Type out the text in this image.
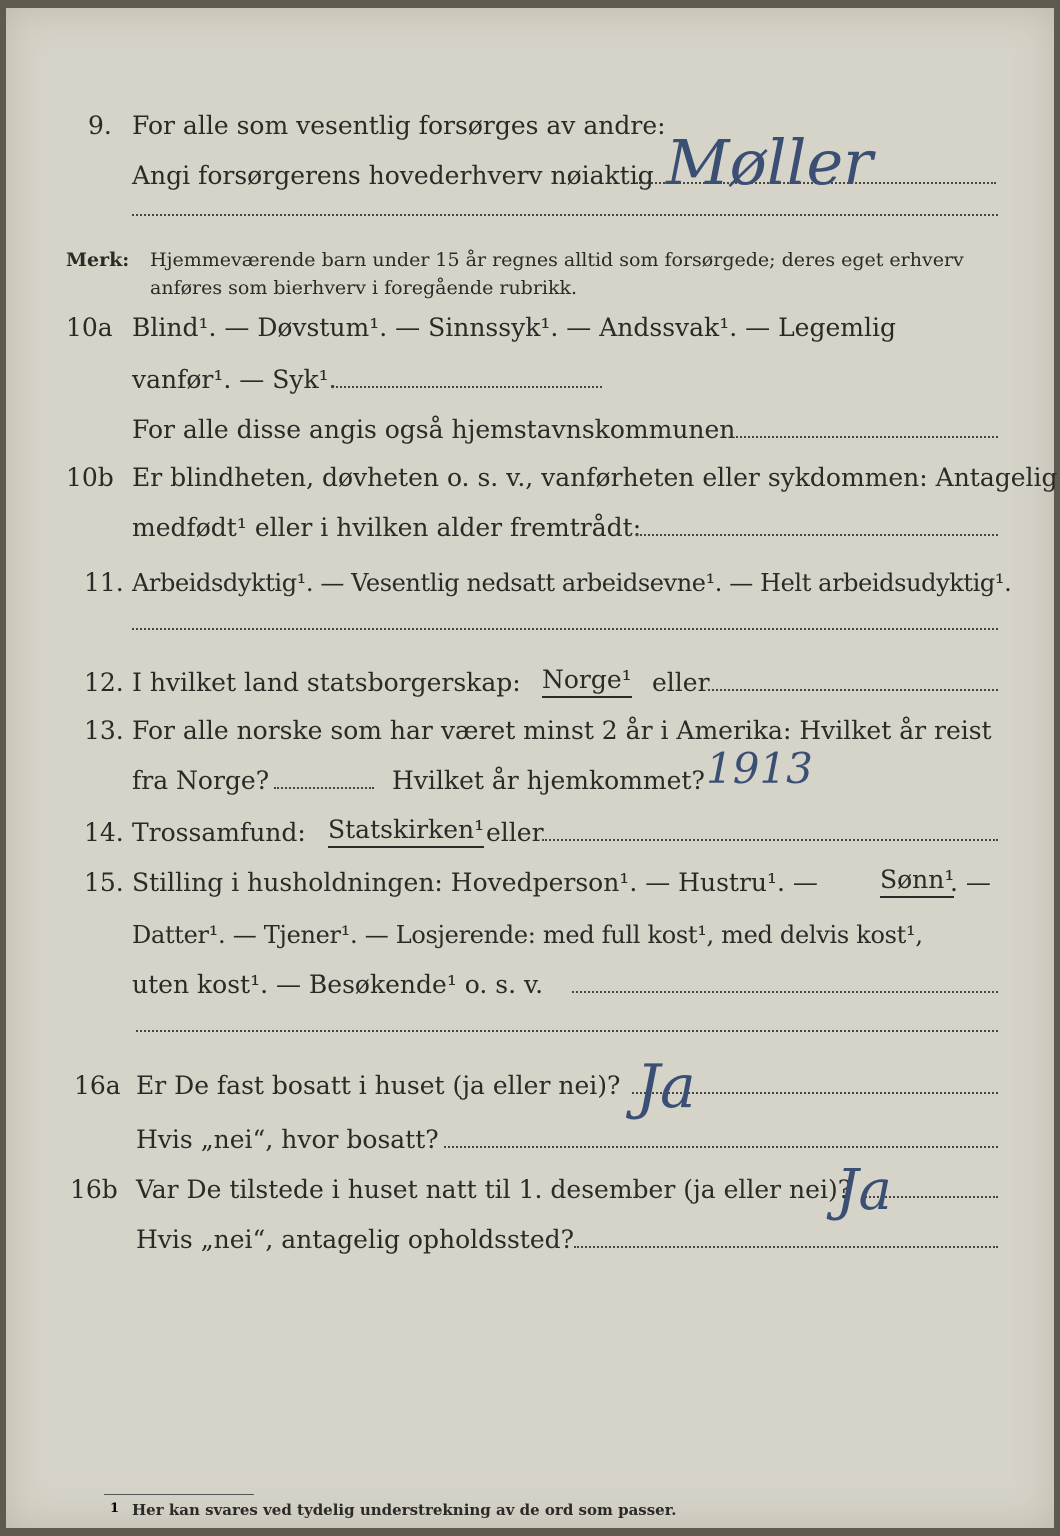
9. For alle som vesentlig forsørges av andre:
Angi forsørgerens hovederhverv nøiaktig Møller
Merk: Hjemmeværende barn under 15 år regnes alltid som forsørgede; deres eget erhverv
anføres som bierhverv i foregående rubrikk.
10a Blind¹. — Døvstum¹. — Sinnssyk¹. — Andssvak¹. — Legemlig
vanfør¹. — Syk¹.
For alle disse angis også hjemstavnskommunen
10b Er blindheten, døvheten o. s. v., vanførheten eller sykdommen: Antagelig
medfødt¹ eller i hvilken alder fremtrådt:
11. Arbeidsdyktig¹. — Vesentlig nedsatt arbeidsevne¹. — Helt arbeidsudyktig¹.
12. I hvilket land statsborgerskap: Norge¹ eller
13. For alle norske som har været minst 2 år i Amerika: Hvilket år reist
fra Norge?	Hvilket år hjemkommet? 1913
14. Trossamfund: Statskirken¹ eller
15. Stilling i husholdningen: Hovedperson¹. — Hustru¹. — Sønn¹
. —
Datter¹. — Tjener¹. — Losjerende: med full kost¹, med delvis kost¹,
uten kost¹. — Besøkende¹ o. s. v.
16a Er De fast bosatt i huset (ja eller nei)?
Hvis „nei“, hvor bosatt?
Ja
16b Var De tilstede i huset natt til 1. desember (ja eller nei)?
Hvis „nei“, antagelig opholdssted?
Ja
1 Her kan svares ved tydelig understrekning av de ord som passer.
